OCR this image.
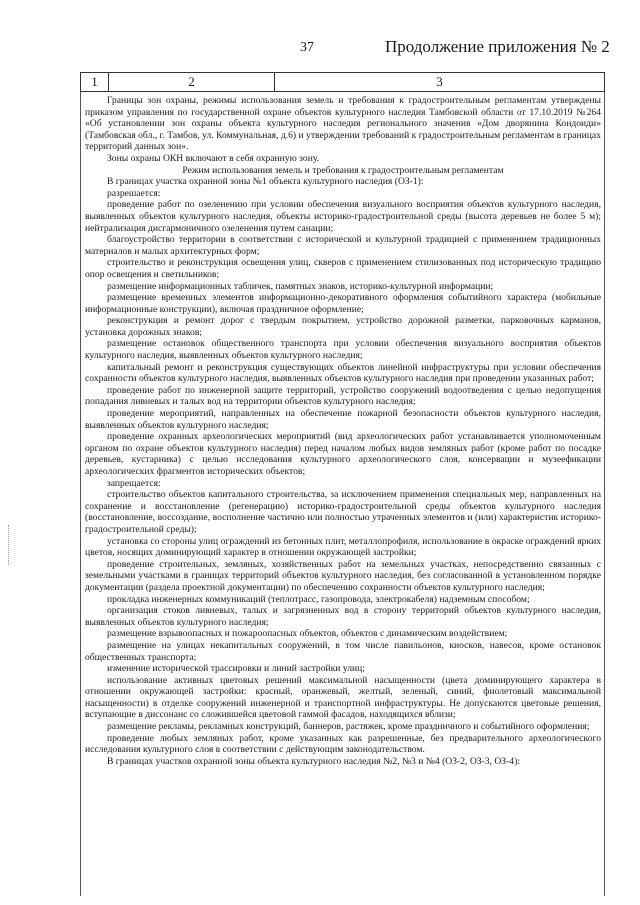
37	Продолжение приложения № 2
1	2	3

Границы зон охраны, режимы использования земель и требования к градостроительным регламентам утверждены приказом управления по государственной охране объектов культурного наследия Тамбовской области от 17.10.2019 №264 «Об установлении зон охраны объекта культурного наследия регионального значения «Дом дворянина Кондоиди» (Тамбовская обл., г. Тамбов, ул. Коммунальная, д.6) и утверждении требований к градостроительным регламентам в границах территорий данных зон».

Зоны охраны ОКН включают в себя охранную зону.

Режим использования земель и требования к градостроительным регламентам

В границах участка охранной зоны №1 объекта культурного наследия (ОЗ-1):

разрешается:

проведение работ по озеленению при условии обеспечения визуального восприятия объектов культурного наследия, выявленных объектов культурного наследия, объекты историко-градостроительной среды (высота деревьев не более 5 м); нейтрализация дисгармоничного озеленения путем санации;

благоустройство территории в соответствии с исторической и культурной традицией с применением традиционных материалов и малых архитектурных форм;

строительство и реконструкция освещения улиц, скверов с применением стилизованных под историческую традицию опор освещения и светильников;

размещение информационных табличек, памятных знаков, историко-культурной информации;

размещение временных элементов информационно-декоративного оформления событийного характера (мобильные информационные конструкции), включая праздничное оформление;

реконструкция и ремонт дорог с твердым покрытием, устройство дорожной разметки, парковочных карманов, установка дорожных знаков;

размещение остановок общественного транспорта при условии обеспечения визуального восприятия объектов культурного наследия, выявленных объектов культурного наследия;

капитальный ремонт и реконструкция существующих объектов линейной инфраструктуры при условии обеспечения сохранности объектов культурного наследия, выявленных объектов культурного наследия при проведении указанных работ;

проведение работ по инженерной защите территорий, устройство сооружений водоотведения с целью недопущения попадания ливневых и талых вод на территории объектов культурного наследия;

проведение мероприятий, направленных на обеспечение пожарной безопасности объектов культурного наследия, выявленных объектов культурного наследия;

проведение охранных археологических мероприятий (вид археологических работ устанавливается уполномоченным органом по охране объектов культурного наследия) перед началом любых видов земляных работ (кроме работ по посадке деревьев, кустарника) с целью исследования культурного археологического слоя, консервации и музеефикации археологических фрагментов исторических объектов;

запрещается:

строительство объектов капитального строительства, за исключением применения специальных мер, направленных на сохранение и восстановление (регенерацию) историко-градостроительной среды объектов культурного наследия (восстановление, воссоздание, восполнение частично или полностью утраченных элементов и (или) характеристик историко-градостроительной среды);

установка со стороны улиц ограждений из бетонных плит, металлопрофиля, использование в окраске ограждений ярких цветов, носящих доминирующий характер в отношении окружающей застройки;

проведение строительных, земляных, хозяйственных работ на земельных участках, непосредственно связанных с земельными участками в границах территорий объектов культурного наследия, без согласованной в установленном порядке документации (раздела проектной документации) по обеспечению сохранности объектов культурного наследия;

прокладка инженерных коммуникаций (теплотрасс, газопровода, электрокабеля) надземным способом;

организация стоков ливневых, талых и загрязненных вод в сторону территорий объектов культурного наследия, выявленных объектов культурного наследия;

размещение взрывоопасных и пожароопасных объектов, объектов с динамическим воздействием;

размещение на улицах некапитальных сооружений, в том числе павильонов, киосков, навесов, кроме остановок общественных транспорта;

изменение исторической трассировки и линий застройки улиц;

использование активных цветовых решений максимальной насыщенности (цвета доминирующего характера в отношении окружающей застройки: красный, оранжевый, желтый, зеленый, синий, фиолетовый максимальной насыщенности) в отделке сооружений инженерной и транспортной инфраструктуры. Не допускаются цветовые решения, вступающие в диссонанс со сложившейся цветовой гаммой фасадов, находящихся вблизи;

размещение рекламы, рекламных конструкций, баннеров, растяжек, кроме праздничного и событийного оформления;

проведение любых земляных работ, кроме указанных как разрешенные, без предварительного археологического исследования культурного слоя в соответствии с действующим законодательством.

В границах участков охранной зоны объекта культурного наследия №2, №3 и №4 (ОЗ-2, ОЗ-3, ОЗ-4):
